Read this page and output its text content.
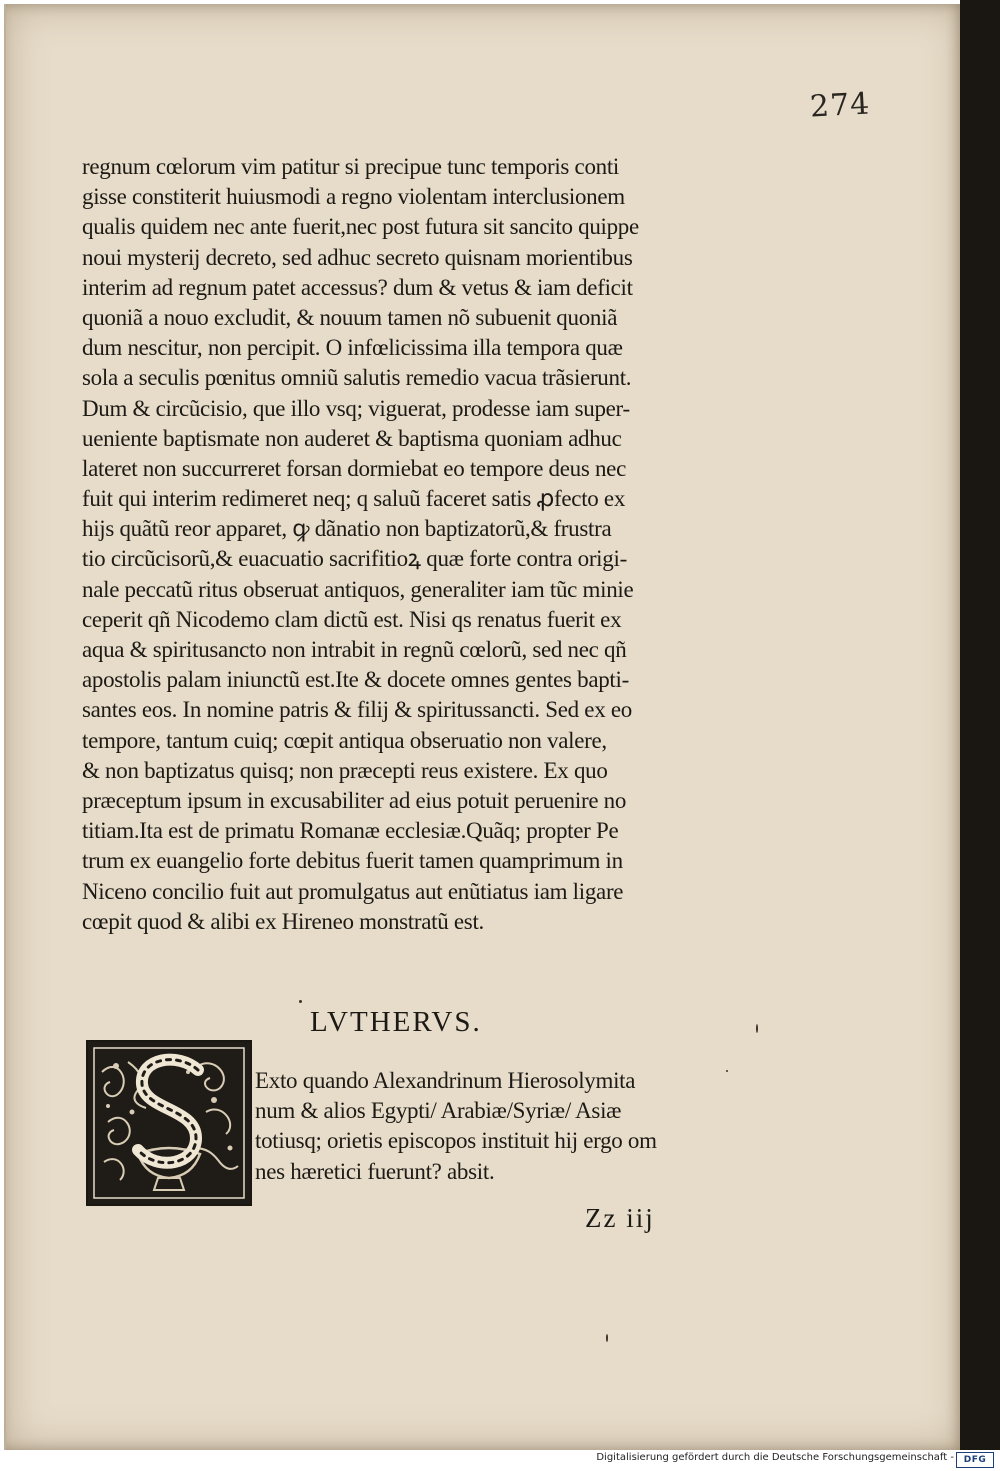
274
regnum cœlorum vim patitur si precipue tunc temporis conti
gisse constiterit huiusmodi a regno violentam interclusionem
qualis quidem nec ante fuerit,nec post futura sit sancito quippe
noui mysterij decreto, sed adhuc secreto quisnam morientibus
interim ad regnum patet accessus? dum & vetus & iam deficit
quoniã a nouo excludit, & nouum tamen nõ subuenit quoniã
dum nescitur, non percipit. O infœlicissima illa tempora quæ
sola a seculis pœnitus omniũ salutis remedio vacua trãsierunt.
Dum & circũcisio, que illo vsq; viguerat, prodesse iam super-
ueniente baptismate non auderet & baptisma quoniam adhuc
lateret non succurreret forsan dormiebat eo tempore deus nec
fuit qui interim redimeret neq; q saluũ faceret satis ꝓfecto ex
hijs quãtũ reor apparet, ꝙ dãnatio non baptizatorũ,& frustra
tio circũcisorũ,& euacuatio sacrifitioꝝ quæ forte contra origi-
nale peccatũ ritus obseruat antiquos, generaliter iam tũc minie
ceperit qñ Nicodemo clam dictũ est. Nisi qs renatus fuerit ex
aqua & spiritusancto non intrabit in regnũ cœlorũ, sed nec qñ
apostolis palam iniunctũ est.Ite & docete omnes gentes bapti-
santes eos. In nomine patris & filij & spiritussancti. Sed ex eo
tempore, tantum cuiq; cœpit antiqua obseruatio non valere,
& non baptizatus quisq; non præcepti reus existere. Ex quo
præceptum ipsum in excusabiliter ad eius potuit peruenire no
titiam.Ita est de primatu Romanæ ecclesiæ.Quãq; propter Pe
trum ex euangelio forte debitus fuerit tamen quamprimum in
Niceno concilio fuit aut promulgatus aut enũtiatus iam ligare
cœpit quod & alibi ex Hireneo monstratũ est.
LVTHERVS.
Exto quando Alexandrinum Hierosolymita
num & alios Egypti/ Arabiæ/Syriæ/ Asiæ
totiusq; orietis episcopos instituit hij ergo om
nes hæretici fuerunt? absit.
Zz iij
Digitalisierung gefördert durch die Deutsche Forschungsgemeinschaft -	DFG
